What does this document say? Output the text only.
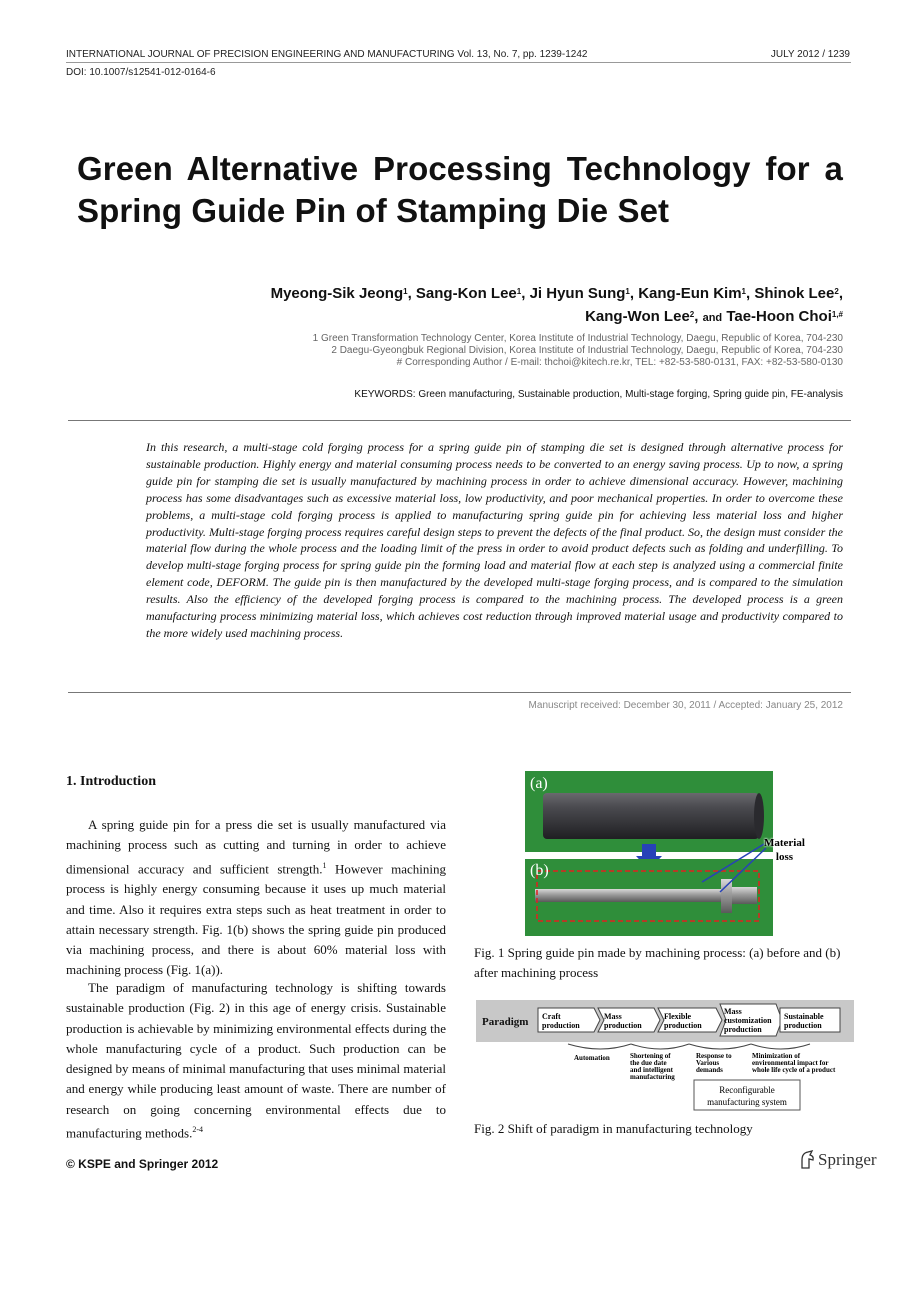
INTERNATIONAL JOURNAL OF PRECISION ENGINEERING AND MANUFACTURING Vol. 13, No. 7, pp. 1239-1242	JULY 2012 / 1239
DOI: 10.1007/s12541-012-0164-6
Green Alternative Processing Technology for a Spring Guide Pin of Stamping Die Set
Myeong-Sik Jeong$^1$, Sang-Kon Lee$^1$, Ji Hyun Sung$^1$, Kang-Eun Kim$^1$, Shinok Lee$^2$,
Kang-Won Lee$^2$, and Tae-Hoon Choi$^{1,\#}$
1 Green Transformation Technology Center, Korea Institute of Industrial Technology, Daegu, Republic of Korea, 704-230
2 Daegu-Gyeongbuk Regional Division, Korea Institute of Industrial Technology, Daegu, Republic of Korea, 704-230
# Corresponding Author / E-mail: thchoi@kitech.re.kr, TEL: +82-53-580-0131, FAX: +82-53-580-0130
KEYWORDS: Green manufacturing, Sustainable production, Multi-stage forging, Spring guide pin, FE-analysis
In this research, a multi-stage cold forging process for a spring guide pin of stamping die set is designed through alternative process for sustainable production. Highly energy and material consuming process needs to be converted to an energy saving process. Up to now, a spring guide pin for stamping die set is usually manufactured by machining process in order to achieve dimensional accuracy. However, machining process has some disadvantages such as excessive material loss, low productivity, and poor mechanical properties. In order to overcome these problems, a multi-stage cold forging process is applied to manufacturing spring guide pin for achieving less material loss and higher productivity. Multi-stage forging process requires careful design steps to prevent the defects of the final product. So, the design must consider the material flow during the whole process and the loading limit of the press in order to avoid product defects such as folding and underfilling. To develop multi-stage forging process for spring guide pin the forming load and material flow at each step is analyzed using a commercial finite element code, DEFORM. The guide pin is then manufactured by the developed multi-stage forging process, and is compared to the simulation results. Also the efficiency of the developed forging process is compared to the machining process. The developed process is a green manufacturing process minimizing material loss, which achieves cost reduction through improved material usage and productivity compared to the more widely used machining process.
Manuscript received: December 30, 2011 / Accepted: January 25, 2012
1. Introduction

A spring guide pin for a press die set is usually manufactured via machining process such as cutting and turning in order to achieve dimensional accuracy and sufficient strength.$^1$ However machining process is highly energy consuming because it uses up much material and time. Also it requires extra steps such as heat treatment in order to attain necessary strength. Fig. 1(b) shows the spring guide pin produced via machining process, and there is about 60% material loss with machining process (Fig. 1(a)).

The paradigm of manufacturing technology is shifting towards sustainable production (Fig. 2) in this age of energy crisis. Sustainable production is achievable by minimizing environmental effects during the whole manufacturing cycle of a product. Such production can be designed by means of minimal manufacturing that uses minimal material and energy while producing least amount of waste. There are number of research on going concerning environmental effects due to manufacturing methods.$^{2-4}$

(a)
(b)
Material
loss
Fig. 1 Spring guide pin made by machining process: (a) before and (b) after machining process
Paradigm Craft
production
Mass
production
Flexible
production
Mass
customization
production
Sustainable
production
Automation	Shortening of
the due date
and intelligent
manufacturing
Response to
Various
demands
Minimization of
environmental impact for
whole life cycle of a product
Reconfigurable
manufacturing system
Fig. 2 Shift of paradigm in manufacturing technology
© KSPE and Springer 2012	Springer
